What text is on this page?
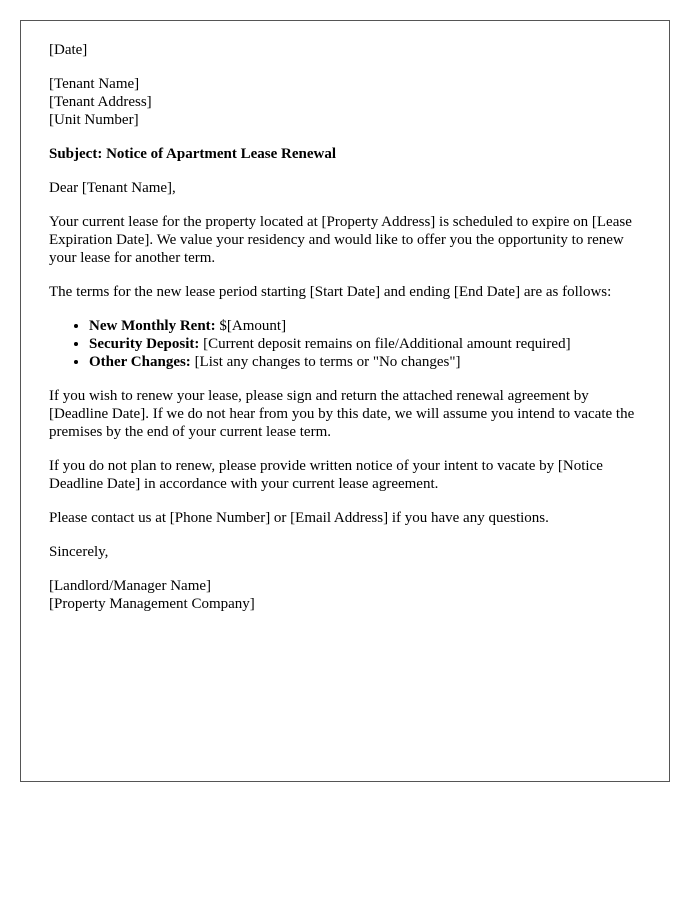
[Date]

[Tenant Name]
[Tenant Address]
[Unit Number]

Subject: Notice of Apartment Lease Renewal

Dear [Tenant Name],

Your current lease for the property located at [Property Address] is scheduled to expire on [Lease Expiration Date]. We value your residency and would like to offer you the opportunity to renew your lease for another term.

The terms for the new lease period starting [Start Date] and ending [End Date] are as follows:

• New Monthly Rent: $[Amount]
• Security Deposit: [Current deposit remains on file/Additional amount required]
• Other Changes: [List any changes to terms or "No changes"]

If you wish to renew your lease, please sign and return the attached renewal agreement by [Deadline Date]. If we do not hear from you by this date, we will assume you intend to vacate the premises by the end of your current lease term.

If you do not plan to renew, please provide written notice of your intent to vacate by [Notice Deadline Date] in accordance with your current lease agreement.

Please contact us at [Phone Number] or [Email Address] if you have any questions.

Sincerely,

[Landlord/Manager Name]
[Property Management Company]
